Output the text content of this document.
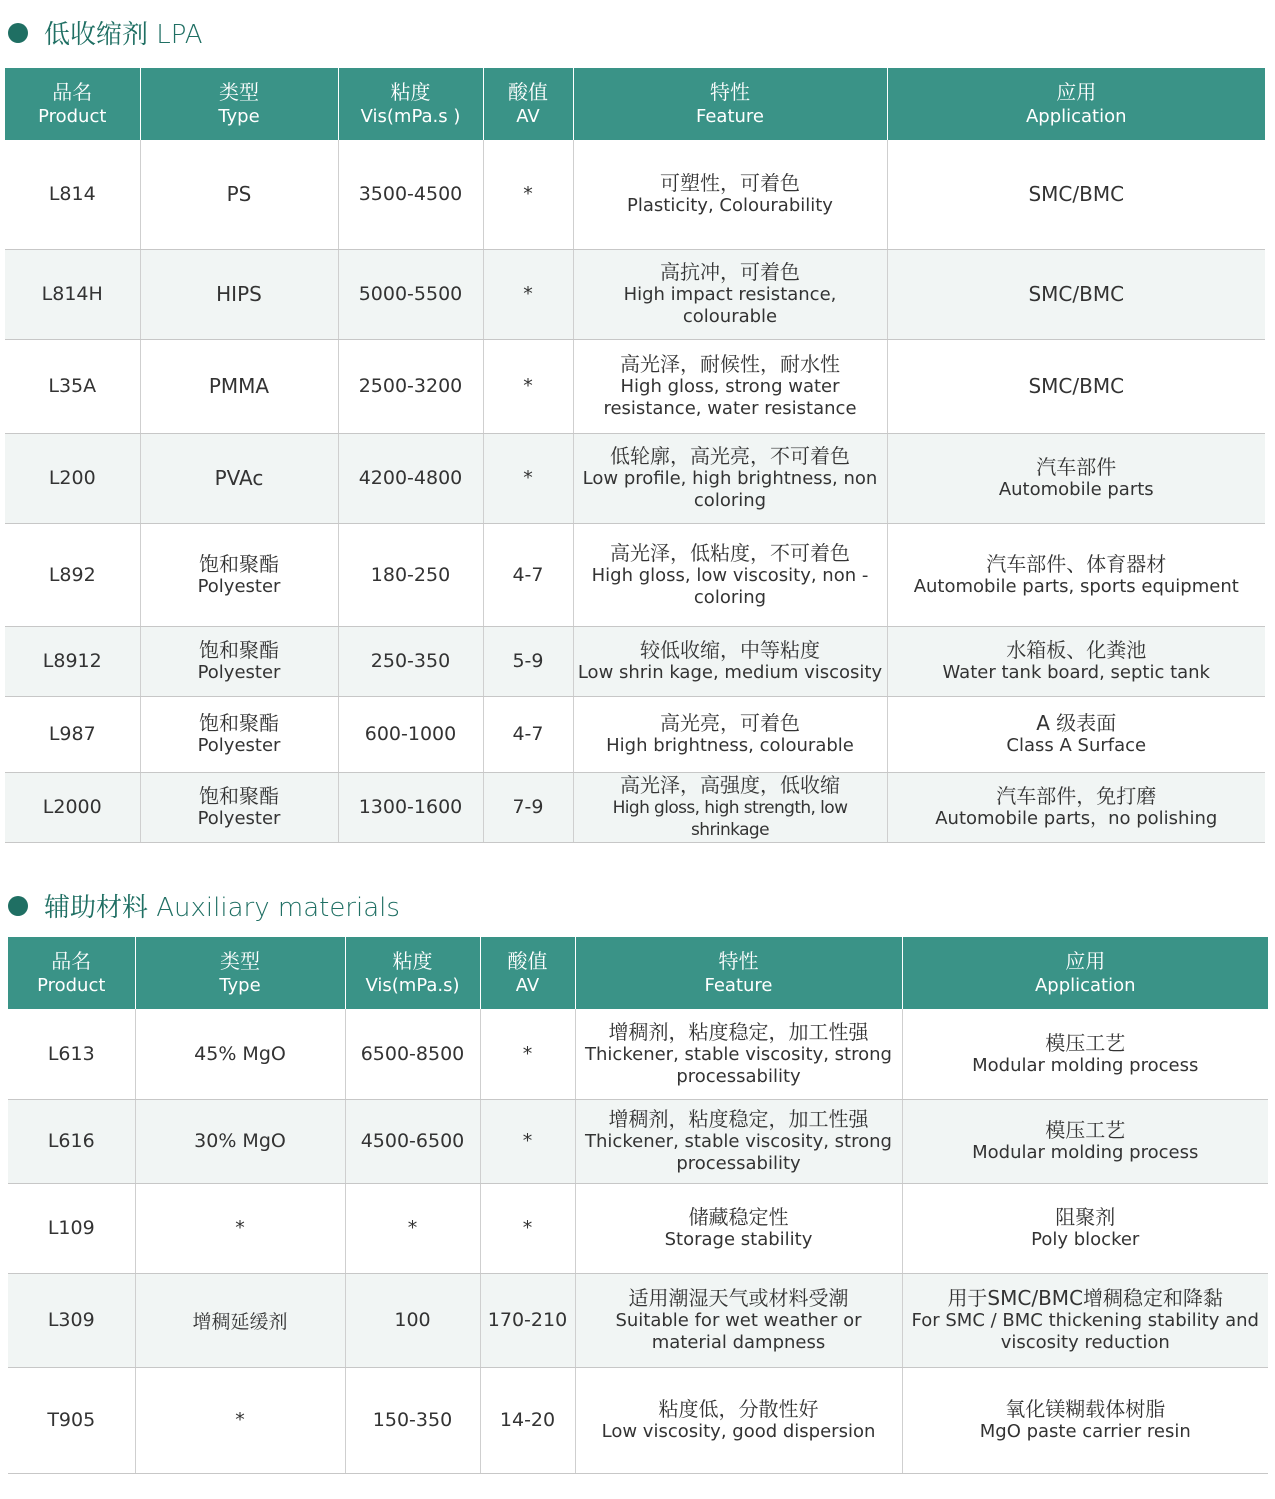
低收缩剂 LPA
品名
Product	类型
Type	粘度
Vis(mPa.s )	酸值
AV	特性
Feature	应用
Application

L814	PS	3500-4500	*	可塑性，可着色
Plasticity, Colourability	SMC/BMC

L814H	HIPS	5000-5500	*	高抗冲，可着色
High impact resistance, colourable	SMC/BMC

L35A	PMMA	2500-3200	*	高光泽，耐候性，耐水性
High gloss, strong water resistance, water resistance	SMC/BMC

L200	PVAc	4200-4800	*	低轮廓，高光亮，不可着色
Low profile, high brightness, non coloring	汽车部件
Automobile parts

L892	饱和聚酯
Polyester	180-250	4-7	高光泽，低粘度，不可着色
High gloss, low viscosity, non -coloring	汽车部件、体育器材
Automobile parts, sports equipment

L8912	饱和聚酯
Polyester	250-350	5-9	较低收缩，中等粘度
Low shrin kage, medium viscosity	水箱板、化粪池
Water tank board, septic tank

L987	饱和聚酯
Polyester	600-1000	4-7	高光亮，可着色
High brightness, colourable	A 级表面
Class A Surface

L2000	饱和聚酯
Polyester	1300-1600	7-9	高光泽，高强度，低收缩
High gloss, high strength, low shrinkage	汽车部件，免打磨
Automobile parts，no polishing
辅助材料 Auxiliary materials
品名
Product	类型
Type	粘度
Vis(mPa.s)	酸值
AV	特性
Feature	应用
Application

L613	45% MgO	6500-8500	*	增稠剂，粘度稳定，加工性强
Thickener, stable viscosity, strong processability	模压工艺
Modular molding process

L616	30% MgO	4500-6500	*	增稠剂，粘度稳定，加工性强
Thickener, stable viscosity, strong processability	模压工艺
Modular molding process

L109	*	*	*	储藏稳定性
Storage stability	阻聚剂
Poly blocker

L309	增稠延缓剂	100	170-210	适用潮湿天气或材料受潮
Suitable for wet weather or material dampness	用于SMC/BMC增稠稳定和降黏
For SMC / BMC thickening stability and viscosity reduction

T905	*	150-350	14-20	粘度低，分散性好
Low viscosity, good dispersion	氧化镁糊载体树脂
MgO paste carrier resin
